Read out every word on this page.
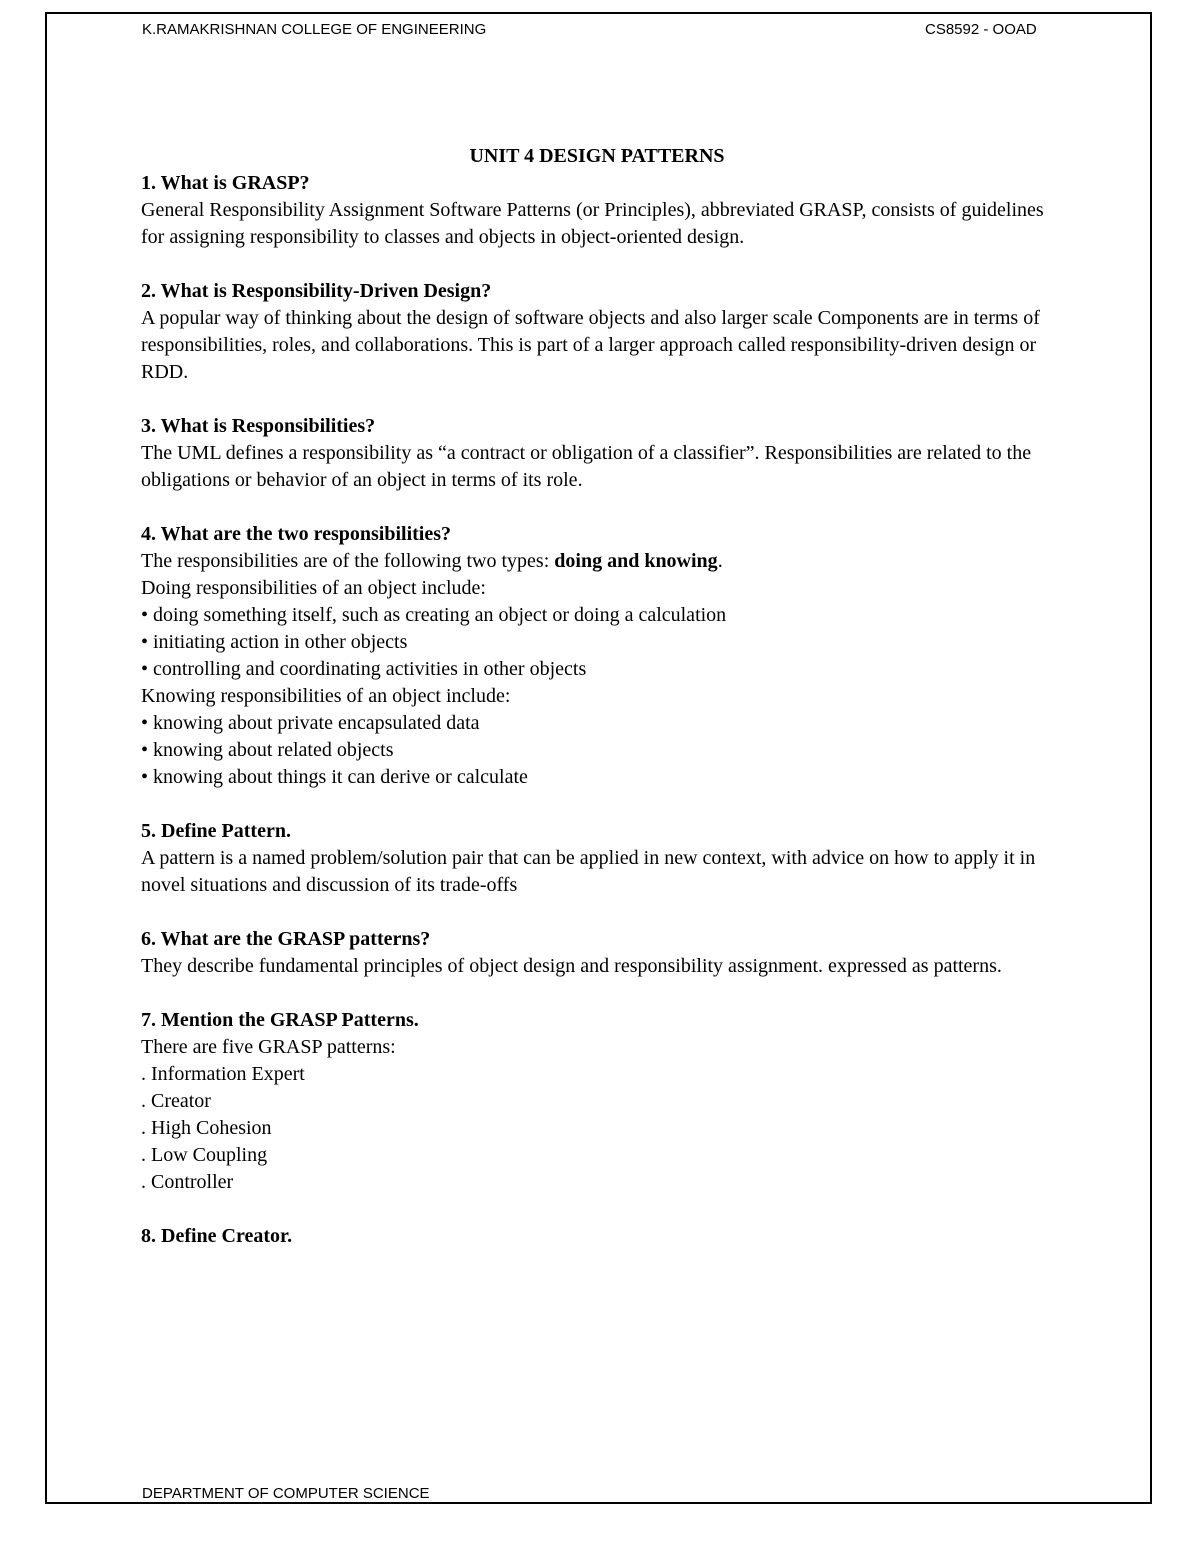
K.RAMAKRISHNAN COLLEGE OF ENGINEERING	CS8592 - OOAD
UNIT 4 DESIGN PATTERNS
1. What is GRASP?

General Responsibility Assignment Software Patterns (or Principles), abbreviated GRASP, consists of guidelines for assigning responsibility to classes and objects in object-oriented design.

2. What is Responsibility-Driven Design?

A popular way of thinking about the design of software objects and also larger scale Components are in terms of responsibilities, roles, and collaborations. This is part of a larger approach called responsibility-driven design or RDD.

3. What is Responsibilities?

The UML defines a responsibility as “a contract or obligation of a classifier”. Responsibilities are related to the obligations or behavior of an object in terms of its role.

4. What are the two responsibilities?
The responsibilities are of the following two types: doing and knowing.
Doing responsibilities of an object include:
• doing something itself, such as creating an object or doing a calculation
• initiating action in other objects
• controlling and coordinating activities in other objects
Knowing responsibilities of an object include:
• knowing about private encapsulated data
• knowing about related objects
• knowing about things it can derive or calculate
5. Define Pattern.

A pattern is a named problem/solution pair that can be applied in new context, with advice on how to apply it in novel situations and discussion of its trade-offs

6. What are the GRASP patterns?

They describe fundamental principles of object design and responsibility assignment. expressed as patterns.

7. Mention the GRASP Patterns.
There are five GRASP patterns:
. Information Expert
. Creator
. High Cohesion
. Low Coupling
. Controller
8. Define Creator.
DEPARTMENT OF COMPUTER SCIENCE
